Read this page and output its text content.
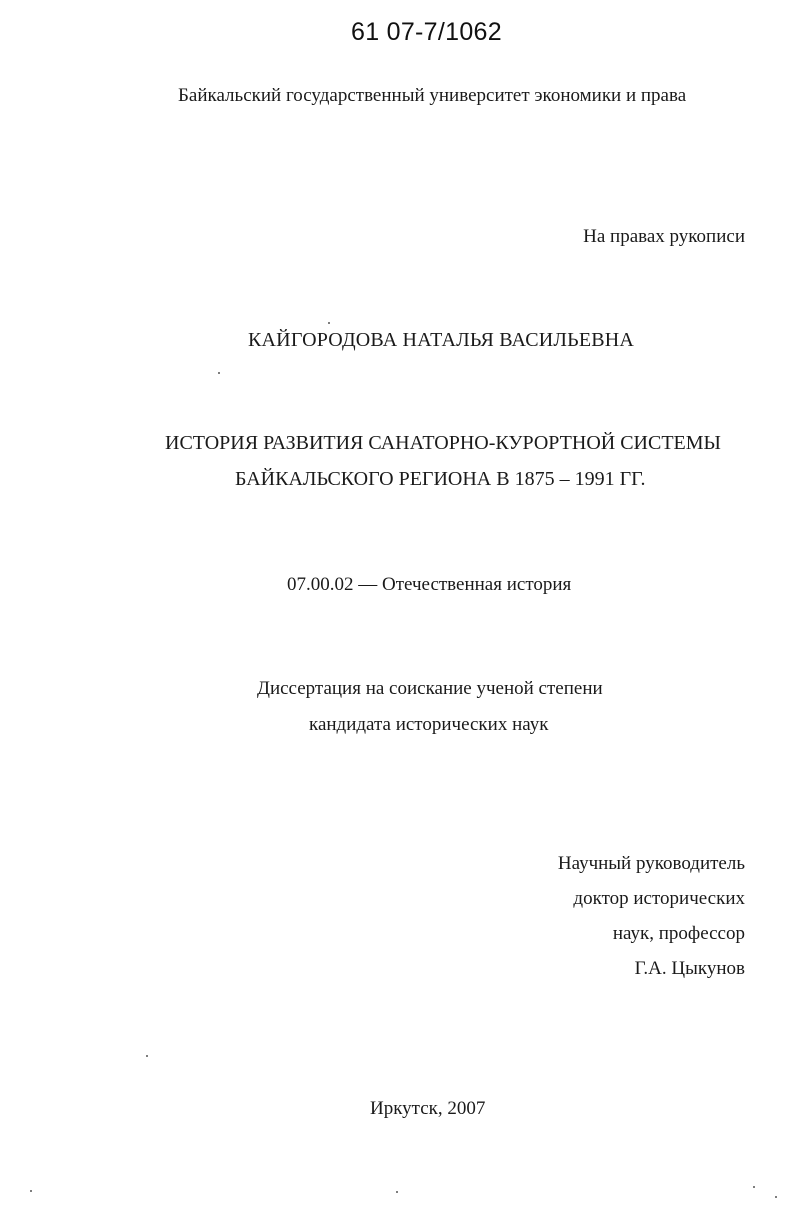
61 07-7/1062
Байкальский государственный университет экономики и права
На правах рукописи
КАЙГОРОДОВА НАТАЛЬЯ ВАСИЛЬЕВНА
ИСТОРИЯ РАЗВИТИЯ САНАТОРНО-КУРОРТНОЙ СИСТЕМЫ
БАЙКАЛЬСКОГО РЕГИОНА В 1875 – 1991 ГГ.
07.00.02 — Отечественная история
Диссертация на соискание ученой степени
кандидата исторических наук
Научный руководитель
доктор исторических
наук, профессор
Г.А. Цыкунов
Иркутск, 2007
